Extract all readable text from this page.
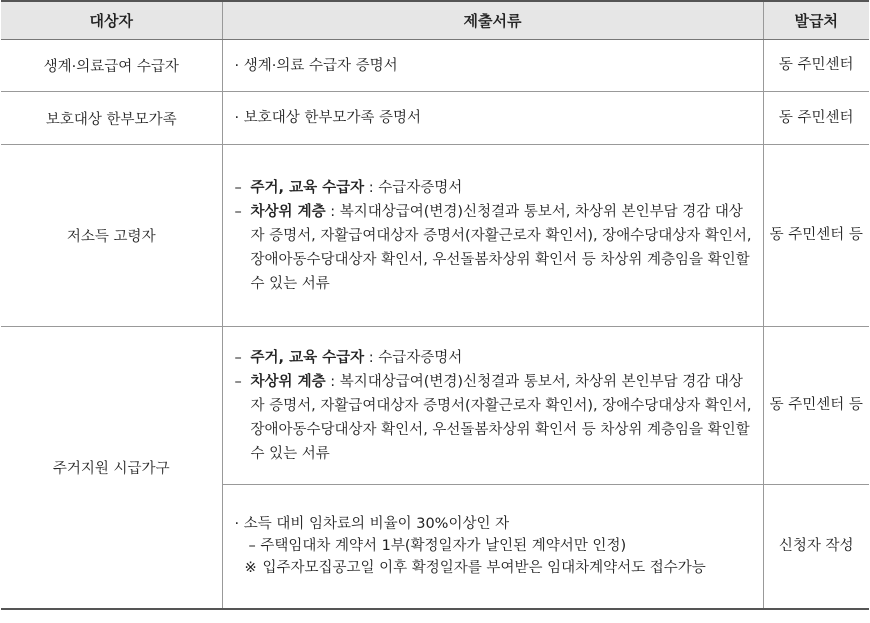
대상자	제출서류	발급처
생계·의료급여 수급자	· 생계·의료 수급자 증명서	동 주민센터
보호대상 한부모가족	· 보호대상 한부모가족 증명서	동 주민센터
저소득 고령자	– 주거, 교육 수급자 : 수급자증명서
– 차상위 계층 : 복지대상급여(변경)신청결과 통보서, 차상위 본인부담 경감 대상자 증명서, 자활급여대상자 증명서(자활근로자 확인서), 장애수당대상자 확인서, 장애아동수당대상자 확인서, 우선돌봄차상위 확인서 등 차상위 계층임을 확인할 수 있는 서류	동 주민센터 등
주거지원 시급가구	– 주거, 교육 수급자 : 수급자증명서
– 차상위 계층 : 복지대상급여(변경)신청결과 통보서, 차상위 본인부담 경감 대상자 증명서, 자활급여대상자 증명서(자활근로자 확인서), 장애수당대상자 확인서, 장애아동수당대상자 확인서, 우선돌봄차상위 확인서 등 차상위 계층임을 확인할 수 있는 서류	동 주민센터 등

	· 소득 대비 임차료의 비율이 30%이상인 자
– 주택임대차 계약서 1부(확정일자가 날인된 계약서만 인정)
※ 입주자모집공고일 이후 확정일자를 부여받은 임대차계약서도 접수가능	신청자 작성
